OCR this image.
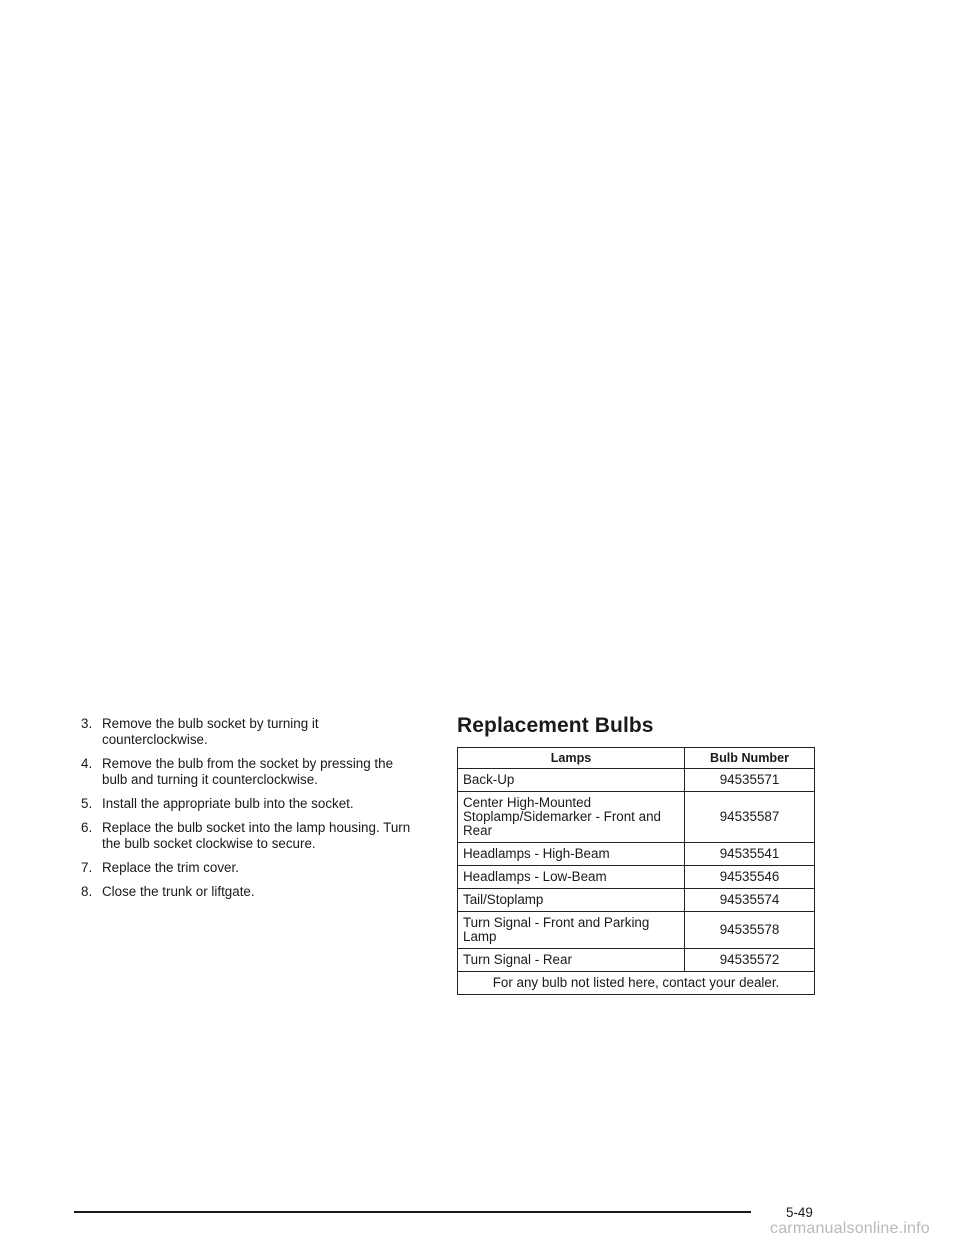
3. Remove the bulb socket by turning it counterclockwise.
4. Remove the bulb from the socket by pressing the bulb and turning it counterclockwise.
5. Install the appropriate bulb into the socket.
6. Replace the bulb socket into the lamp housing. Turn the bulb socket clockwise to secure.
7. Replace the trim cover.
8. Close the trunk or liftgate.
Replacement Bulbs
Lamps	Bulb Number
Back-Up	94535571
Center High-Mounted Stoplamp/Sidemarker - Front and Rear	94535587
Headlamps - High-Beam	94535541
Headlamps - Low-Beam	94535546
Tail/Stoplamp	94535574
Turn Signal - Front and Parking Lamp	94535578
Turn Signal - Rear	94535572
For any bulb not listed here, contact your dealer.	
5-49
carmanualsonline.info
